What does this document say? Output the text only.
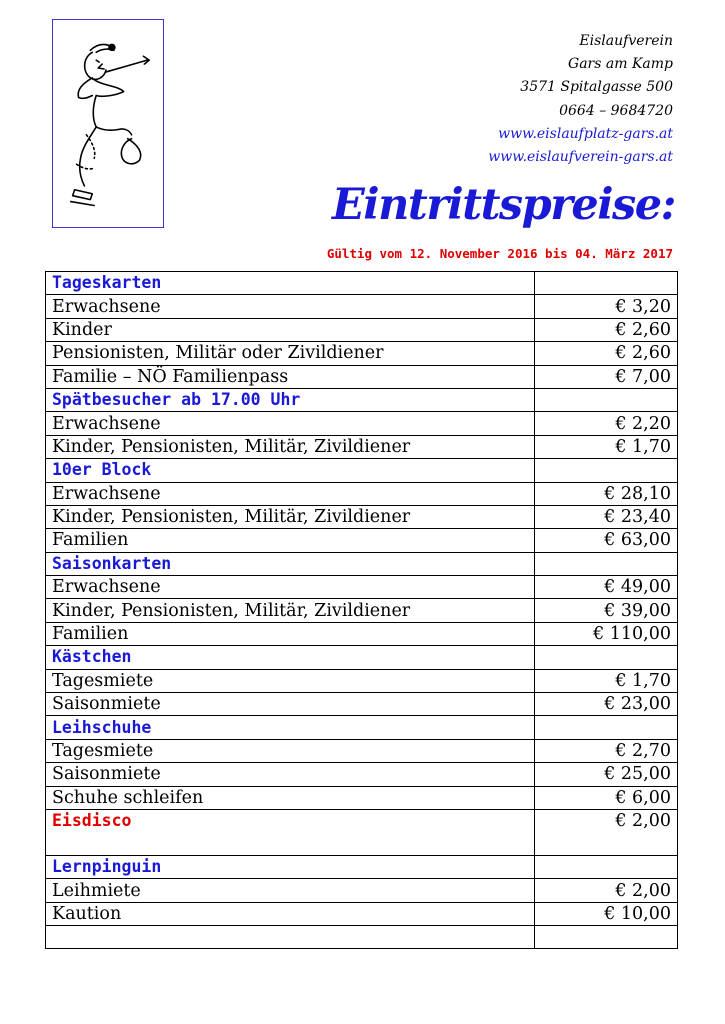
Eislaufverein
Gars am Kamp
3571 Spitalgasse 500
0664 – 9684720
www.eislaufplatz-gars.at
www.eislaufverein-gars.at
Eintrittspreise:
Gültig vom 12. November 2016 bis 04. März 2017
Tageskarten	
Erwachsene	€ 3,20
Kinder	€ 2,60
Pensionisten, Militär oder Zivildiener	€ 2,60
Familie – NÖ Familienpass	€ 7,00
Spätbesucher ab 17.00 Uhr	
Erwachsene	€ 2,20
Kinder, Pensionisten, Militär, Zivildiener	€ 1,70
10er Block	
Erwachsene	€ 28,10
Kinder, Pensionisten, Militär, Zivildiener	€ 23,40
Familien	€ 63,00
Saisonkarten	
Erwachsene	€ 49,00
Kinder, Pensionisten, Militär, Zivildiener	€ 39,00
Familien	€ 110,00
Kästchen	
Tagesmiete	€ 1,70
Saisonmiete	€ 23,00
Leihschuhe	
Tagesmiete	€ 2,70
Saisonmiete	€ 25,00
Schuhe schleifen	€ 6,00
Eisdisco	€ 2,00
Lernpinguin	
Leihmiete	€ 2,00
Kaution	€ 10,00
